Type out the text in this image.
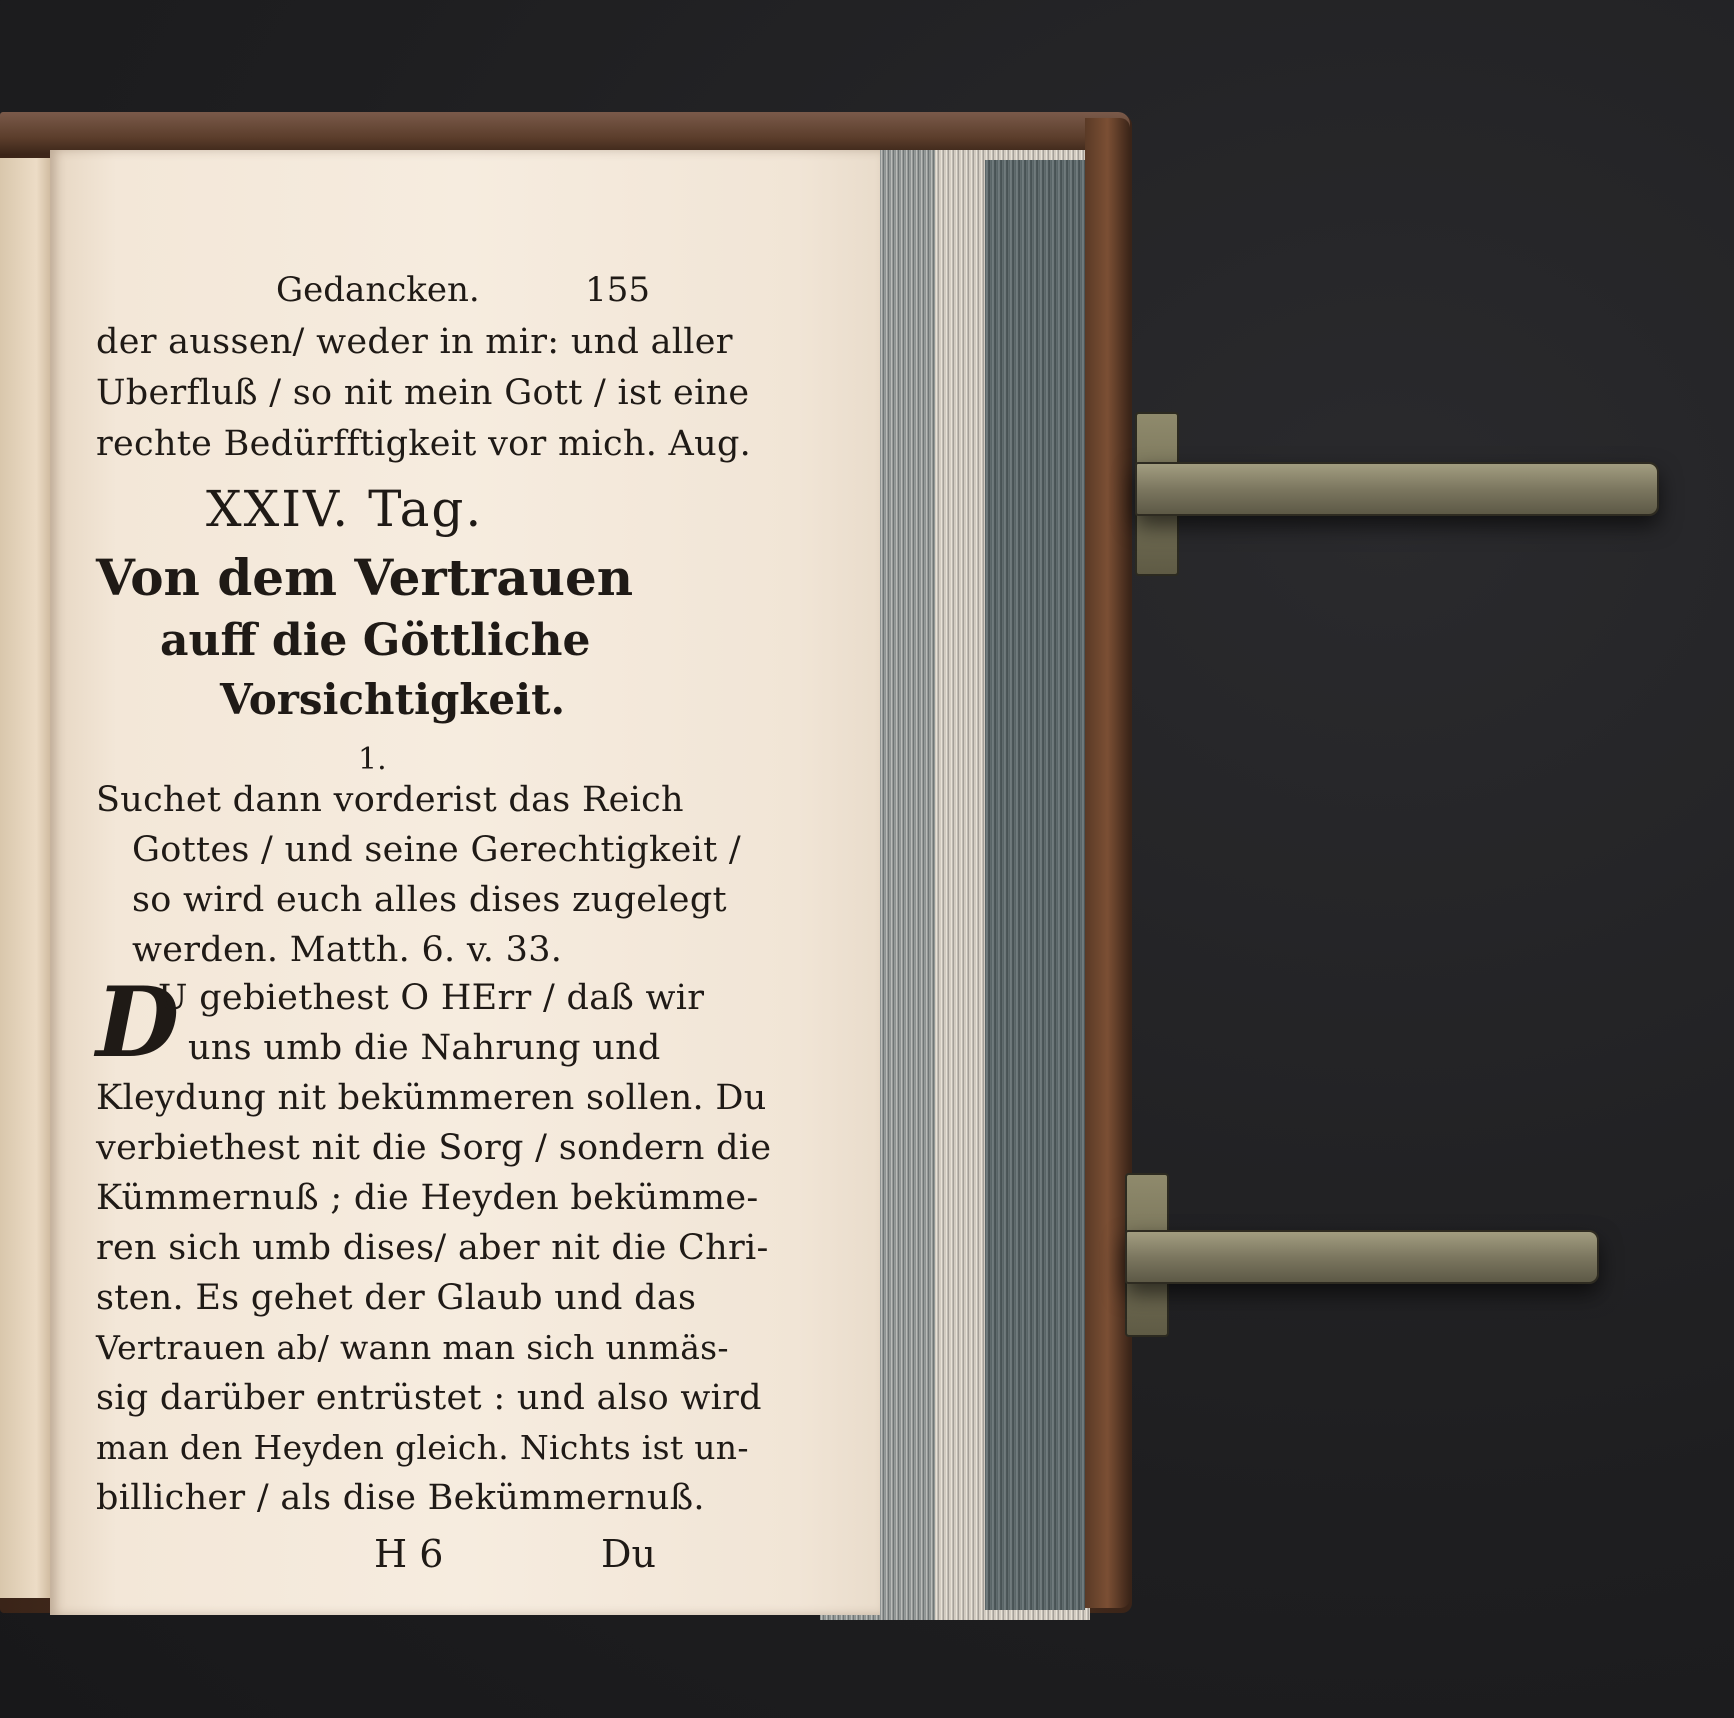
Gedancken.	155
der aussen/ weder in mir: und aller
Uberfluß / so nit mein Gott / ist eine
rechte Bedürfftigkeit vor mich. Aug.
XXIV. Tag.
Von dem Vertrauen
auff die Göttliche
Vorsichtigkeit.
1.
Suchet dann vorderist das Reich
Gottes / und seine Gerechtigkeit /
so wird euch alles dises zugelegt
werden. Matth. 6. v. 33.
D
U gebiethest O HErr / daß wir
uns umb die Nahrung und
Kleydung nit bekümmeren sollen. Du
verbiethest nit die Sorg / sondern die
Kümmernuß ; die Heyden bekümme-
ren sich umb dises/ aber nit die Chri-
sten. Es gehet der Glaub und das
Vertrauen ab/ wann man sich unmäs-
sig darüber entrüstet : und also wird
man den Heyden gleich. Nichts ist un-
billicher / als dise Bekümmernuß.
H 6	Du
